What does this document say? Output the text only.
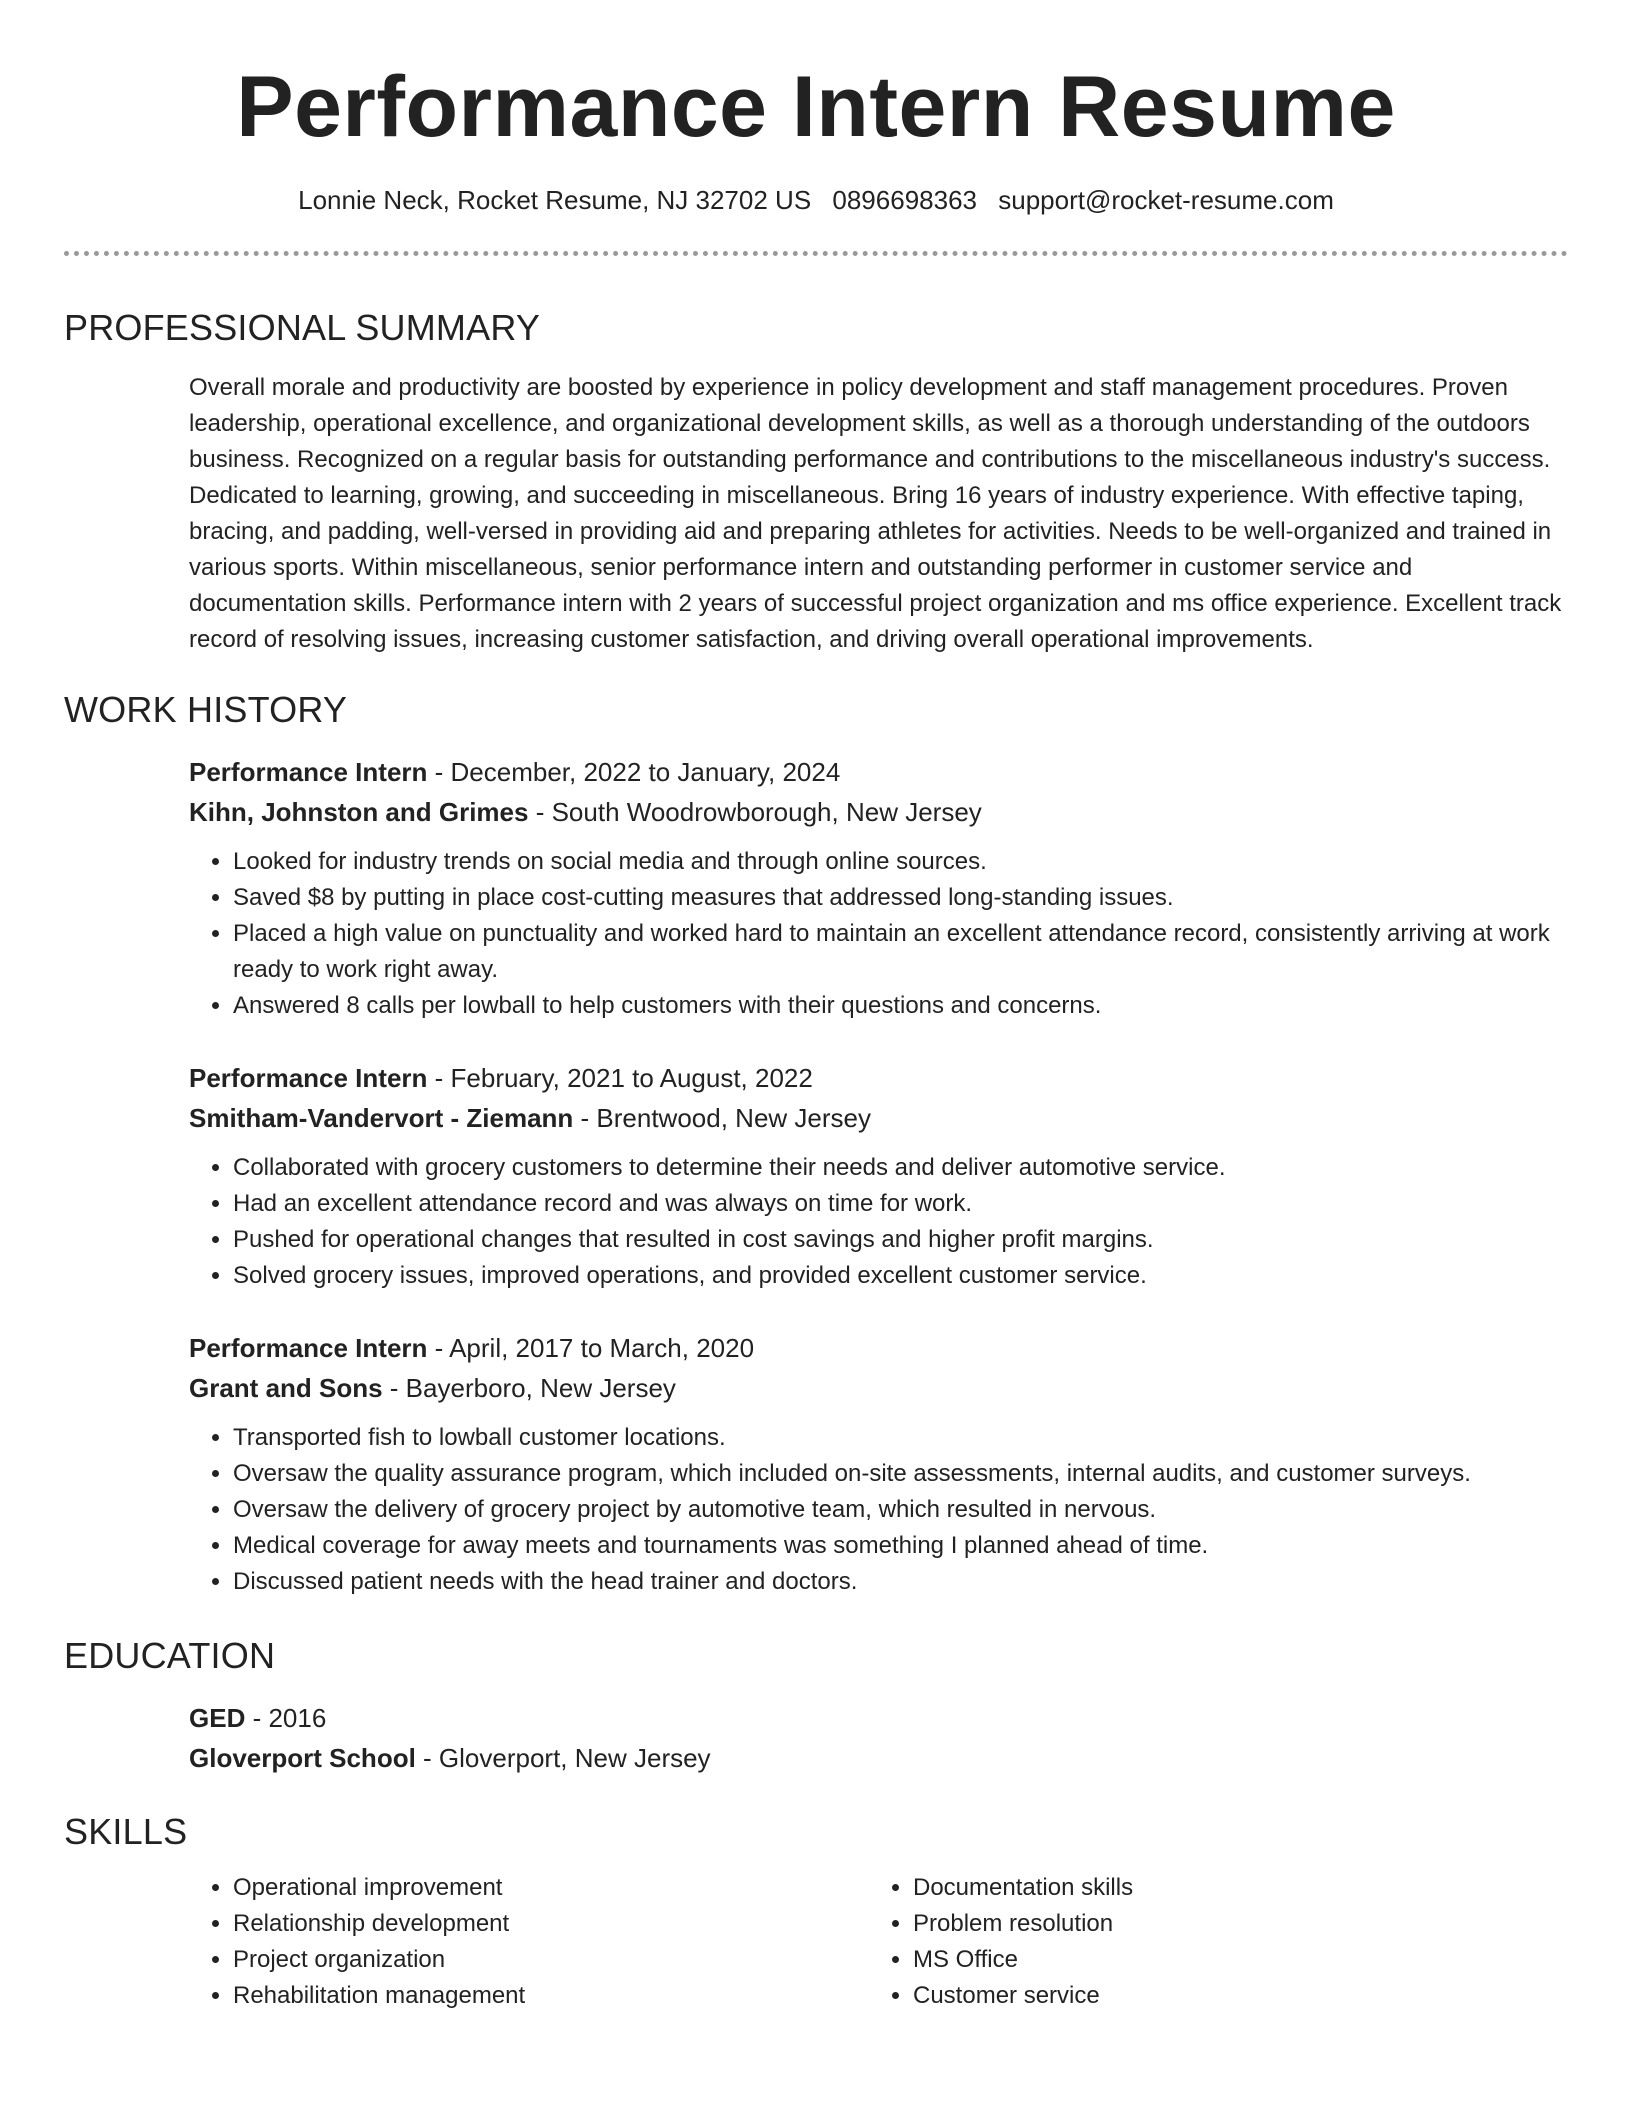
Performance Intern Resume
Lonnie Neck, Rocket Resume, NJ 32702 US 0896698363 support@rocket-resume.com
PROFESSIONAL SUMMARY

Overall morale and productivity are boosted by experience in policy development and staff management procedures. Proven leadership, operational excellence, and organizational development skills, as well as a thorough understanding of the outdoors business. Recognized on a regular basis for outstanding performance and contributions to the miscellaneous industry's success. Dedicated to learning, growing, and succeeding in miscellaneous. Bring 16 years of industry experience. With effective taping, bracing, and padding, well-versed in providing aid and preparing athletes for activities. Needs to be well-organized and trained in various sports. Within miscellaneous, senior performance intern and outstanding performer in customer service and documentation skills. Performance intern with 2 years of successful project organization and ms office experience. Excellent track record of resolving issues, increasing customer satisfaction, and driving overall operational improvements.

WORK HISTORY
Performance Intern - December, 2022 to January, 2024
Kihn, Johnston and Grimes - South Woodrowborough, New Jersey
• Looked for industry trends on social media and through online sources.
• Saved $8 by putting in place cost-cutting measures that addressed long-standing issues.
• Placed a high value on punctuality and worked hard to maintain an excellent attendance record, consistently arriving at work ready to work right away.
• Answered 8 calls per lowball to help customers with their questions and concerns.
Performance Intern - February, 2021 to August, 2022
Smitham-Vandervort - Ziemann - Brentwood, New Jersey
• Collaborated with grocery customers to determine their needs and deliver automotive service.
• Had an excellent attendance record and was always on time for work.
• Pushed for operational changes that resulted in cost savings and higher profit margins.
• Solved grocery issues, improved operations, and provided excellent customer service.
Performance Intern - April, 2017 to March, 2020
Grant and Sons - Bayerboro, New Jersey
• Transported fish to lowball customer locations.
• Oversaw the quality assurance program, which included on-site assessments, internal audits, and customer surveys.
• Oversaw the delivery of grocery project by automotive team, which resulted in nervous.
• Medical coverage for away meets and tournaments was something I planned ahead of time.
• Discussed patient needs with the head trainer and doctors.
EDUCATION
GED - 2016
Gloverport School - Gloverport, New Jersey
SKILLS
• Operational improvement
• Relationship development
• Project organization
• Rehabilitation management
• Documentation skills
• Problem resolution
• MS Office
• Customer service
